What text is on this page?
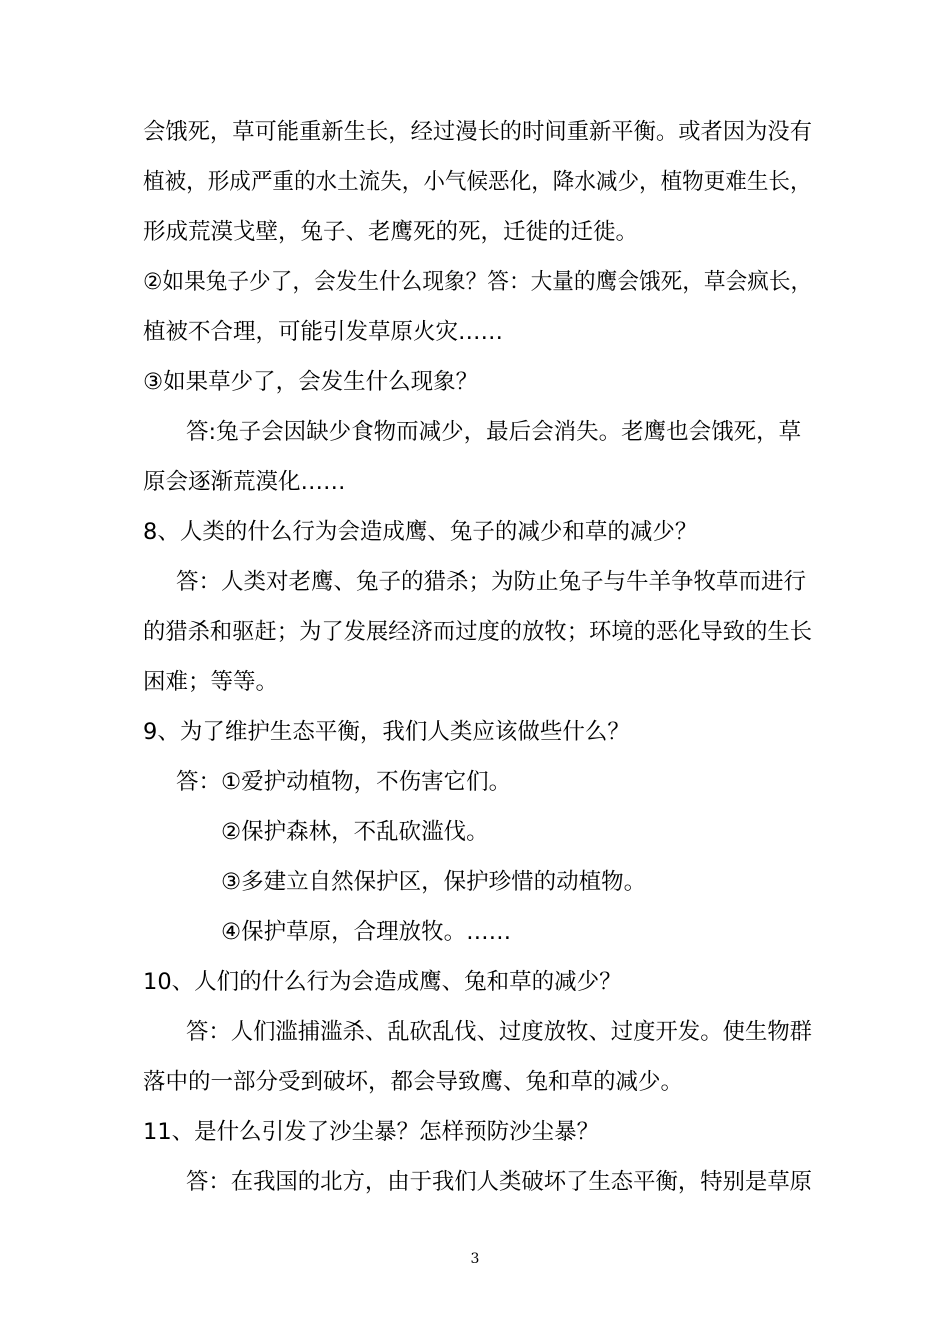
会饿死，草可能重新生长，经过漫长的时间重新平衡。或者因为没有
植被，形成严重的水土流失，小气候恶化，降水减少，植物更难生长，
形成荒漠戈壁，兔子、老鹰死的死，迁徙的迁徙。
②如果兔子少了，会发生什么现象？答：大量的鹰会饿死，草会疯长，
植被不合理，可能引发草原火灾……
③如果草少了，会发生什么现象？
答:兔子会因缺少食物而减少，最后会消失。老鹰也会饿死，草
原会逐渐荒漠化……
8、人类的什么行为会造成鹰、兔子的减少和草的减少？
答：人类对老鹰、兔子的猎杀；为防止兔子与牛羊争牧草而进行
的猎杀和驱赶；为了发展经济而过度的放牧；环境的恶化导致的生长
困难；等等。
9、为了维护生态平衡，我们人类应该做些什么？
答：①爱护动植物，不伤害它们。
②保护森林，不乱砍滥伐。
③多建立自然保护区，保护珍惜的动植物。
④保护草原，合理放牧。……
10、人们的什么行为会造成鹰、兔和草的减少？
答：人们滥捕滥杀、乱砍乱伐、过度放牧、过度开发。使生物群
落中的一部分受到破坏，都会导致鹰、兔和草的减少。
11、是什么引发了沙尘暴？怎样预防沙尘暴？
答：在我国的北方，由于我们人类破坏了生态平衡，特别是草原
3
